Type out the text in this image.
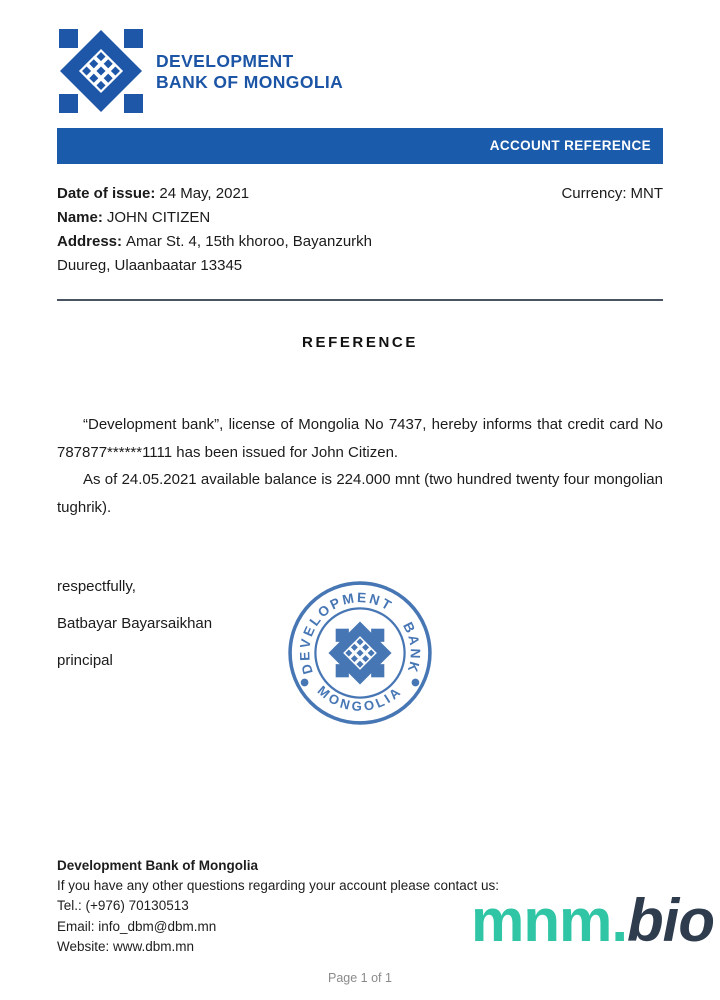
DEVELOPMENT
BANK OF MONGOLIA
ACCOUNT REFERENCE
Date of issue: 24 May, 2021	Currency: MNT
Name: JOHN CITIZEN
Address: Amar St. 4, 15th khoroo, Bayanzurkh
Duureg, Ulaanbaatar 13345
REFERENCE

“Development bank”, license of Mongolia No 7437, hereby informs that credit card No 787877******1111 has been issued for John Citizen.

As of 24.05.2021 available balance is 224.000 mnt (two hundred twenty four mongolian tughrik).

respectfully,

Batbayar Bayarsaikhan

principal	DEVELOPMENT BANK
MONGOLIA
Development Bank of Mongolia
If you have any other questions regarding your account please contact us:
Tel.: (+976) 70130513
Email: info_dbm@dbm.mn
Website: www.dbm.mn	mnm.bio
Page 1 of 1
